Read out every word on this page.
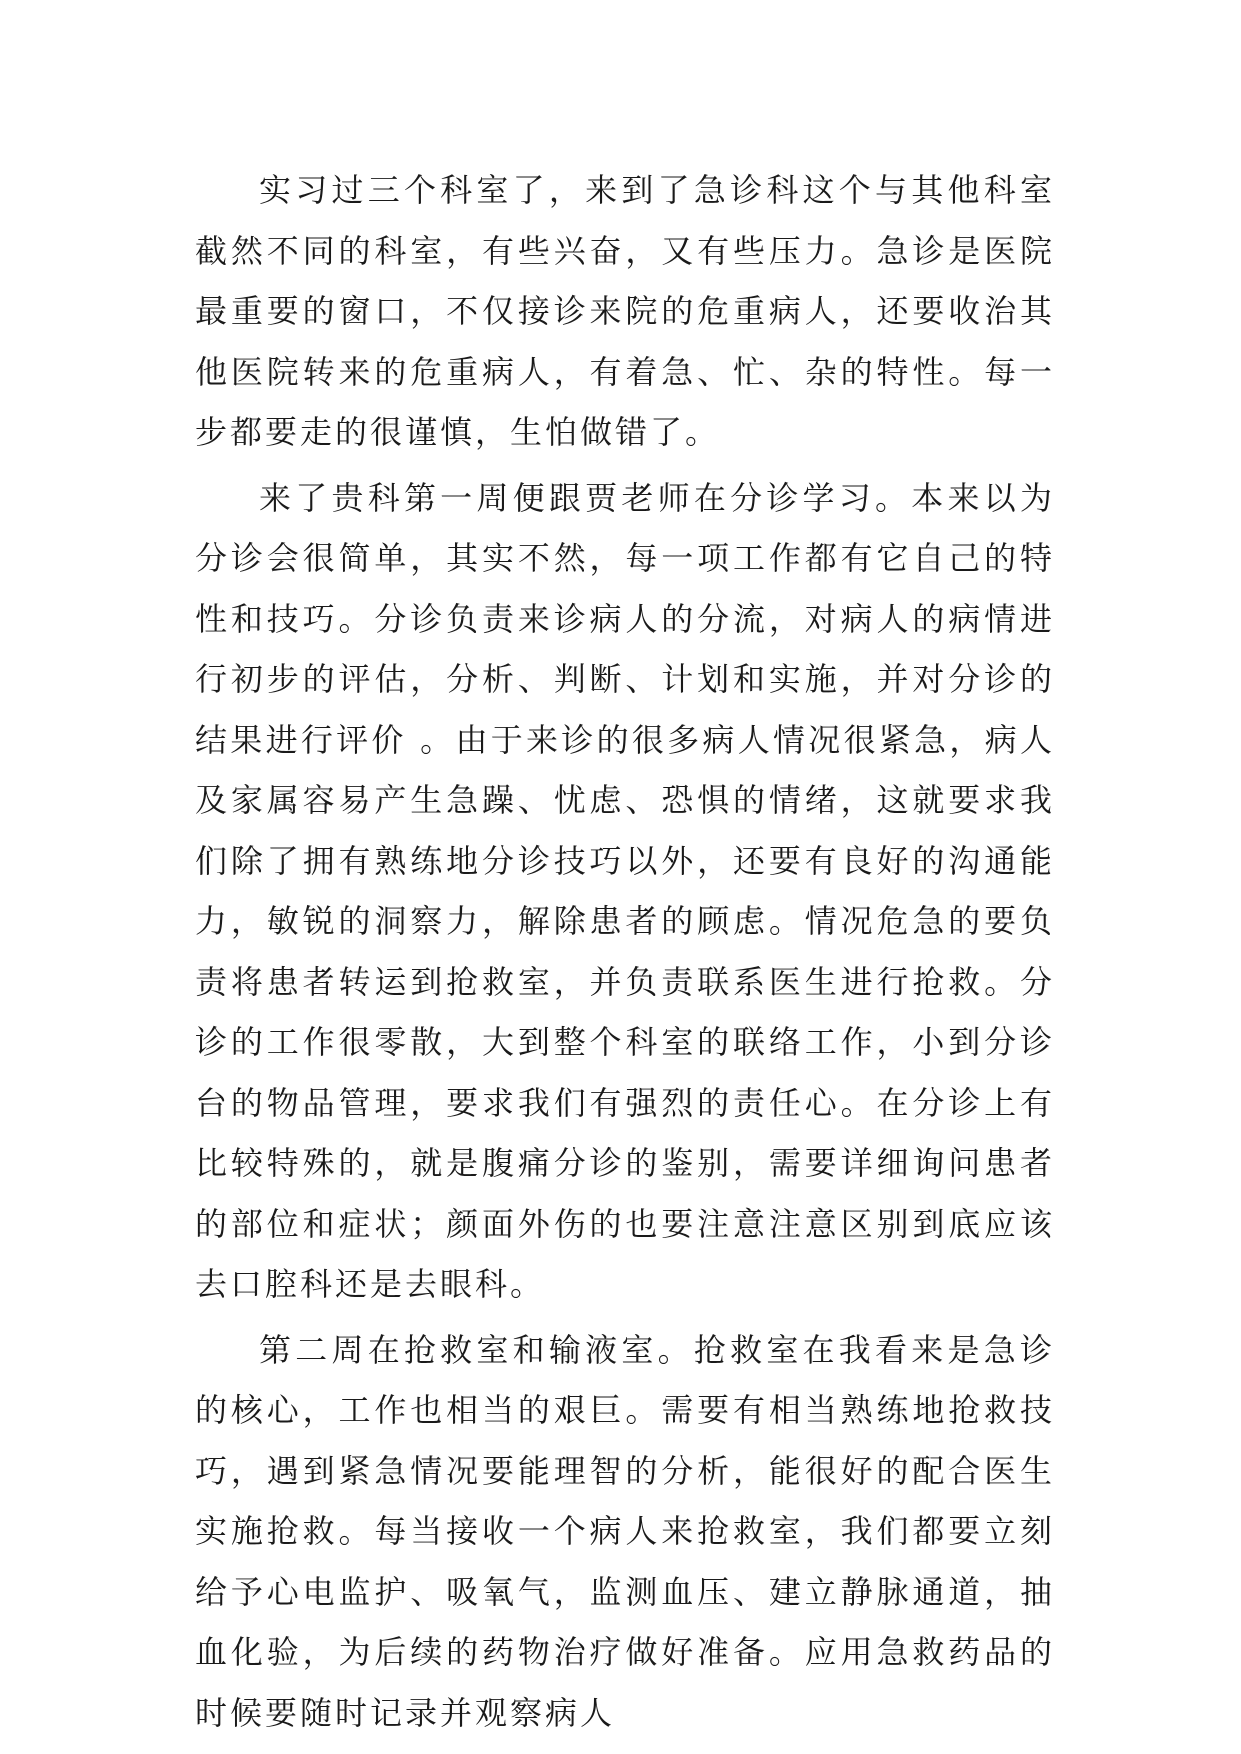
实习过三个科室了，来到了急诊科这个与其他科室截然不同的科室，有些兴奋，又有些压力。急诊是医院最重要的窗口，不仅接诊来院的危重病人，还要收治其他医院转来的危重病人，有着急、忙、杂的特性。每一步都要走的很谨慎，生怕做错了。

来了贵科第一周便跟贾老师在分诊学习。本来以为分诊会很简单，其实不然，每一项工作都有它自己的特性和技巧。分诊负责来诊病人的分流，对病人的病情进行初步的评估，分析、判断、计划和实施，并对分诊的结果进行评价 。由于来诊的很多病人情况很紧急，病人及家属容易产生急躁、忧虑、恐惧的情绪，这就要求我们除了拥有熟练地分诊技巧以外，还要有良好的沟通能力，敏锐的洞察力，解除患者的顾虑。情况危急的要负责将患者转运到抢救室，并负责联系医生进行抢救。分诊的工作很零散，大到整个科室的联络工作，小到分诊台的物品管理，要求我们有强烈的责任心。在分诊上有比较特殊的，就是腹痛分诊的鉴别，需要详细询问患者的部位和症状；颜面外伤的也要注意注意区别到底应该去口腔科还是去眼科。

第二周在抢救室和输液室。抢救室在我看来是急诊的核心，工作也相当的艰巨。需要有相当熟练地抢救技巧，遇到紧急情况要能理智的分析，能很好的配合医生实施抢救。每当接收一个病人来抢救室，我们都要立刻给予心电监护、吸氧气，监测血压、建立静脉通道，抽血化验，为后续的药物治疗做好准备。应用急救药品的时候要随时记录并观察病人
